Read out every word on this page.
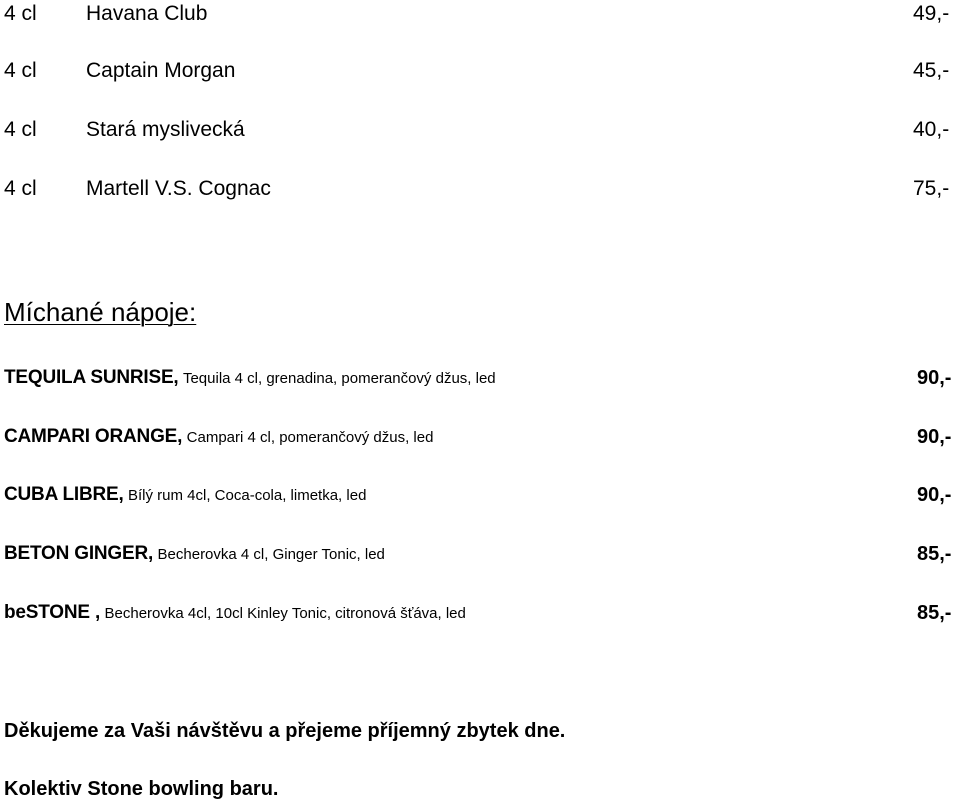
4 cl Havana Club	49,-
4 cl Captain Morgan	45,-
4 cl Stará myslivecká	40,-
4 cl Martell V.S. Cognac	75,-
Míchané nápoje:
TEQUILA SUNRISE, Tequila 4 cl, grenadina, pomerančový džus, led	90,-
CAMPARI ORANGE, Campari 4 cl, pomerančový džus, led	90,-
CUBA LIBRE, Bílý rum 4cl, Coca-cola, limetka, led	90,-
BETON GINGER, Becherovka 4 cl, Ginger Tonic, led	85,-
beSTONE , Becherovka 4cl, 10cl Kinley Tonic, citronová šťáva, led	85,-
Děkujeme za Vaši návštěvu a přejeme příjemný zbytek dne.
Kolektiv Stone bowling baru.
